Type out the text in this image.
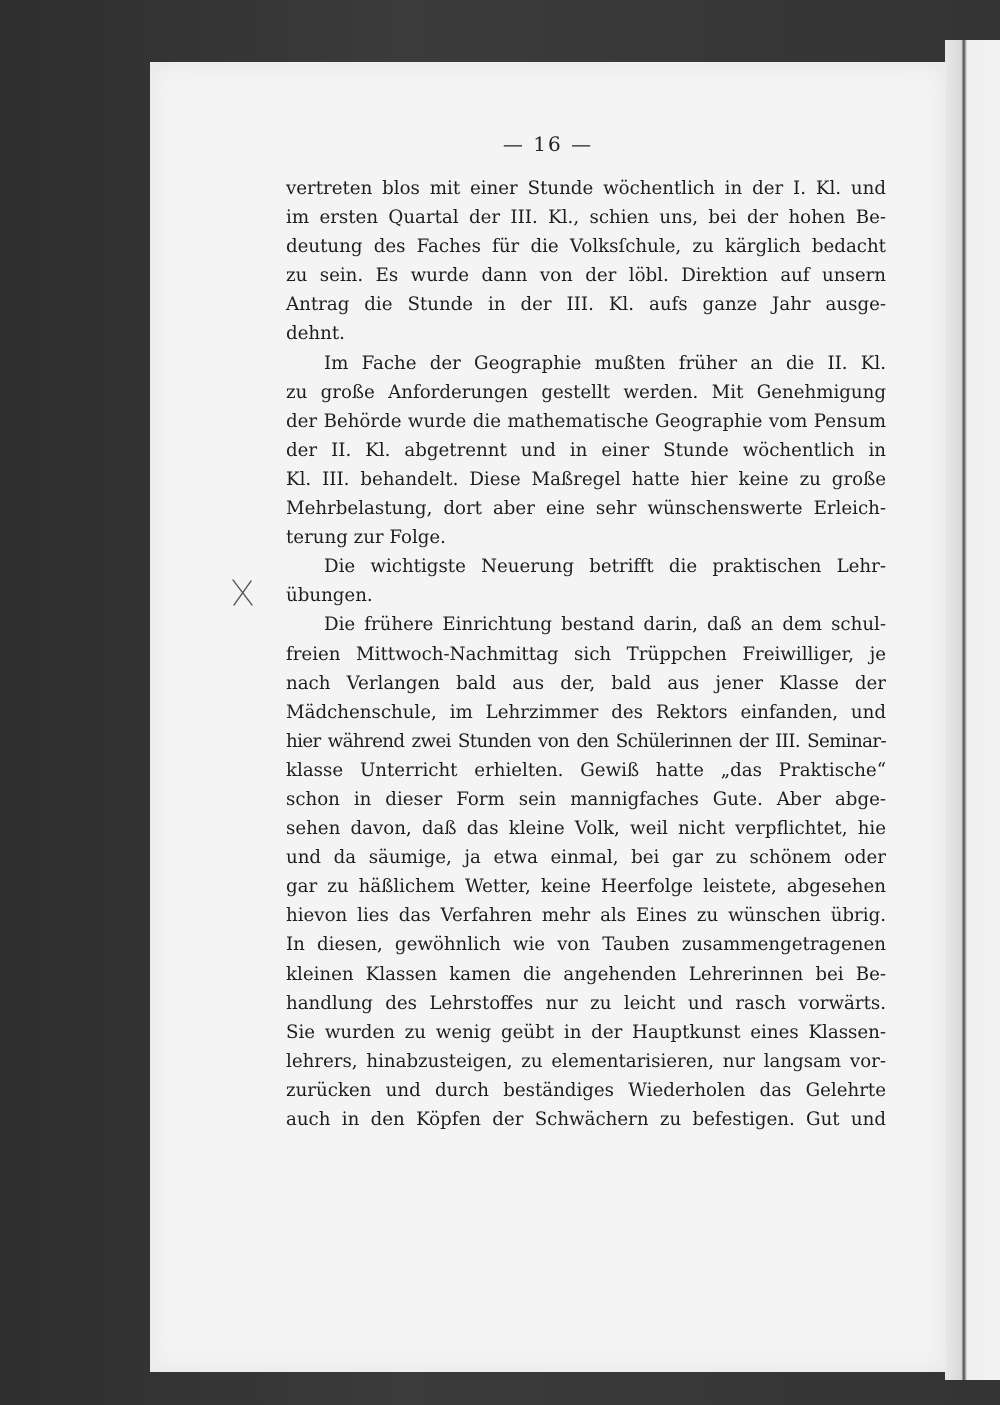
— 16 —
vertreten blos mit einer Stunde wöchentlich in der I. Kl. und
im ersten Quartal der III. Kl., schien uns, bei der hohen Be-
deutung des Faches für die Volksſchule, zu kärglich bedacht
zu sein. Es wurde dann von der löbl. Direktion auf unsern
Antrag die Stunde in der III. Kl. aufs ganze Jahr ausge-
dehnt.
Im Fache der Geographie mußten früher an die II. Kl.
zu große Anforderungen gestellt werden. Mit Genehmigung
der Behörde wurde die mathematische Geographie vom Pensum
der II. Kl. abgetrennt und in einer Stunde wöchentlich in
Kl. III. behandelt. Diese Maßregel hatte hier keine zu große
Mehrbelastung, dort aber eine sehr wünschenswerte Erleich-
terung zur Folge.
Die wichtigste Neuerung betrifft die praktischen Lehr-
übungen.
Die frühere Einrichtung bestand darin, daß an dem schul-
freien Mittwoch-Nachmittag sich Trüppchen Freiwilliger, je
nach Verlangen bald aus der, bald aus jener Klasse der
Mädchenschule, im Lehrzimmer des Rektors einfanden, und
hier während zwei Stunden von den Schülerinnen der III. Seminar-
klasse Unterricht erhielten. Gewiß hatte „das Praktische“
schon in dieser Form sein mannigfaches Gute. Aber abge-
sehen davon, daß das kleine Volk, weil nicht verpflichtet, hie
und da säumige, ja etwa einmal, bei gar zu schönem oder
gar zu häßlichem Wetter, keine Heerfolge leistete, abgesehen
hievon lies das Verfahren mehr als Eines zu wünschen übrig.
In diesen, gewöhnlich wie von Tauben zusammengetragenen
kleinen Klassen kamen die angehenden Lehrerinnen bei Be-
handlung des Lehrstoffes nur zu leicht und rasch vorwärts.
Sie wurden zu wenig geübt in der Hauptkunst eines Klassen-
lehrers, hinabzusteigen, zu elementarisieren, nur langsam vor-
zurücken und durch beständiges Wiederholen das Gelehrte
auch in den Köpfen der Schwächern zu befestigen. Gut und
